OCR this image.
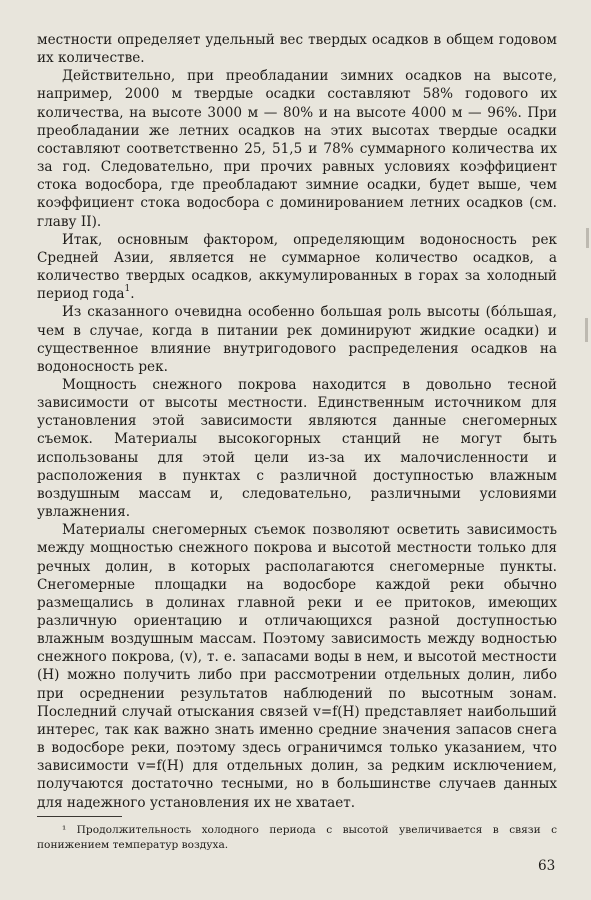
местности определяет удельный вес твердых осадков в общем годовом их количестве.

Действительно, при преобладании зимних осадков на высоте, например, 2000 м твердые осадки составляют 58% годового их количества, на высоте 3000 м — 80% и на высоте 4000 м — 96%. При преобладании же летних осадков на этих высотах твердые осадки составляют соответственно 25, 51,5 и 78% суммарного количества их за год. Следовательно, при прочих равных условиях коэффициент стока водосбора, где преобладают зимние осадки, будет выше, чем коэффициент стока водосбора с доминированием летних осадков (см. главу II).

Итак, основным фактором, определяющим водоносность рек Средней Азии, является не суммарное количество осадков, а количество твердых осадков, аккумулированных в горах за холодный период года$^1$.

Из сказанного очевидна особенно большая роль высоты (бо́льшая, чем в случае, когда в питании рек доминируют жидкие осадки) и существенное влияние внутригодового распределения осадков на водоносность рек.

Мощность снежного покрова находится в довольно тесной зависимости от высоты местности. Единственным источником для установления этой зависимости являются данные снегомерных съемок. Материалы высокогорных станций не могут быть использованы для этой цели из-за их малочисленности и расположения в пунктах с различной доступностью влажным воздушным массам и, следовательно, различными условиями увлажнения.

Материалы снегомерных съемок позволяют осветить зависимость между мощностью снежного покрова и высотой местности только для речных долин, в которых располагаются снегомерные пункты. Снегомерные площадки на водосборе каждой реки обычно размещались в долинах главной реки и ее притоков, имеющих различную ориентацию и отличающихся разной доступностью влажным воздушным массам. Поэтому зависимость между водностью снежного покрова, (v), т. е. запасами воды в нем, и высотой местности (H) можно получить либо при рассмотрении отдельных долин, либо при осреднении результатов наблюдений по высотным зонам. Последний случай отыскания связей v=f(H) представляет наибольший интерес, так как важно знать именно средние значения запасов снега в водосборе реки, поэтому здесь ограничимся только указанием, что зависимости v=f(H) для отдельных долин, за редким исключением, получаются достаточно тесными, но в большинстве случаев данных для надежного установления их не хватает.

¹ Продолжительность холодного периода с высотой увеличивается в связи с понижением температур воздуха.
63
